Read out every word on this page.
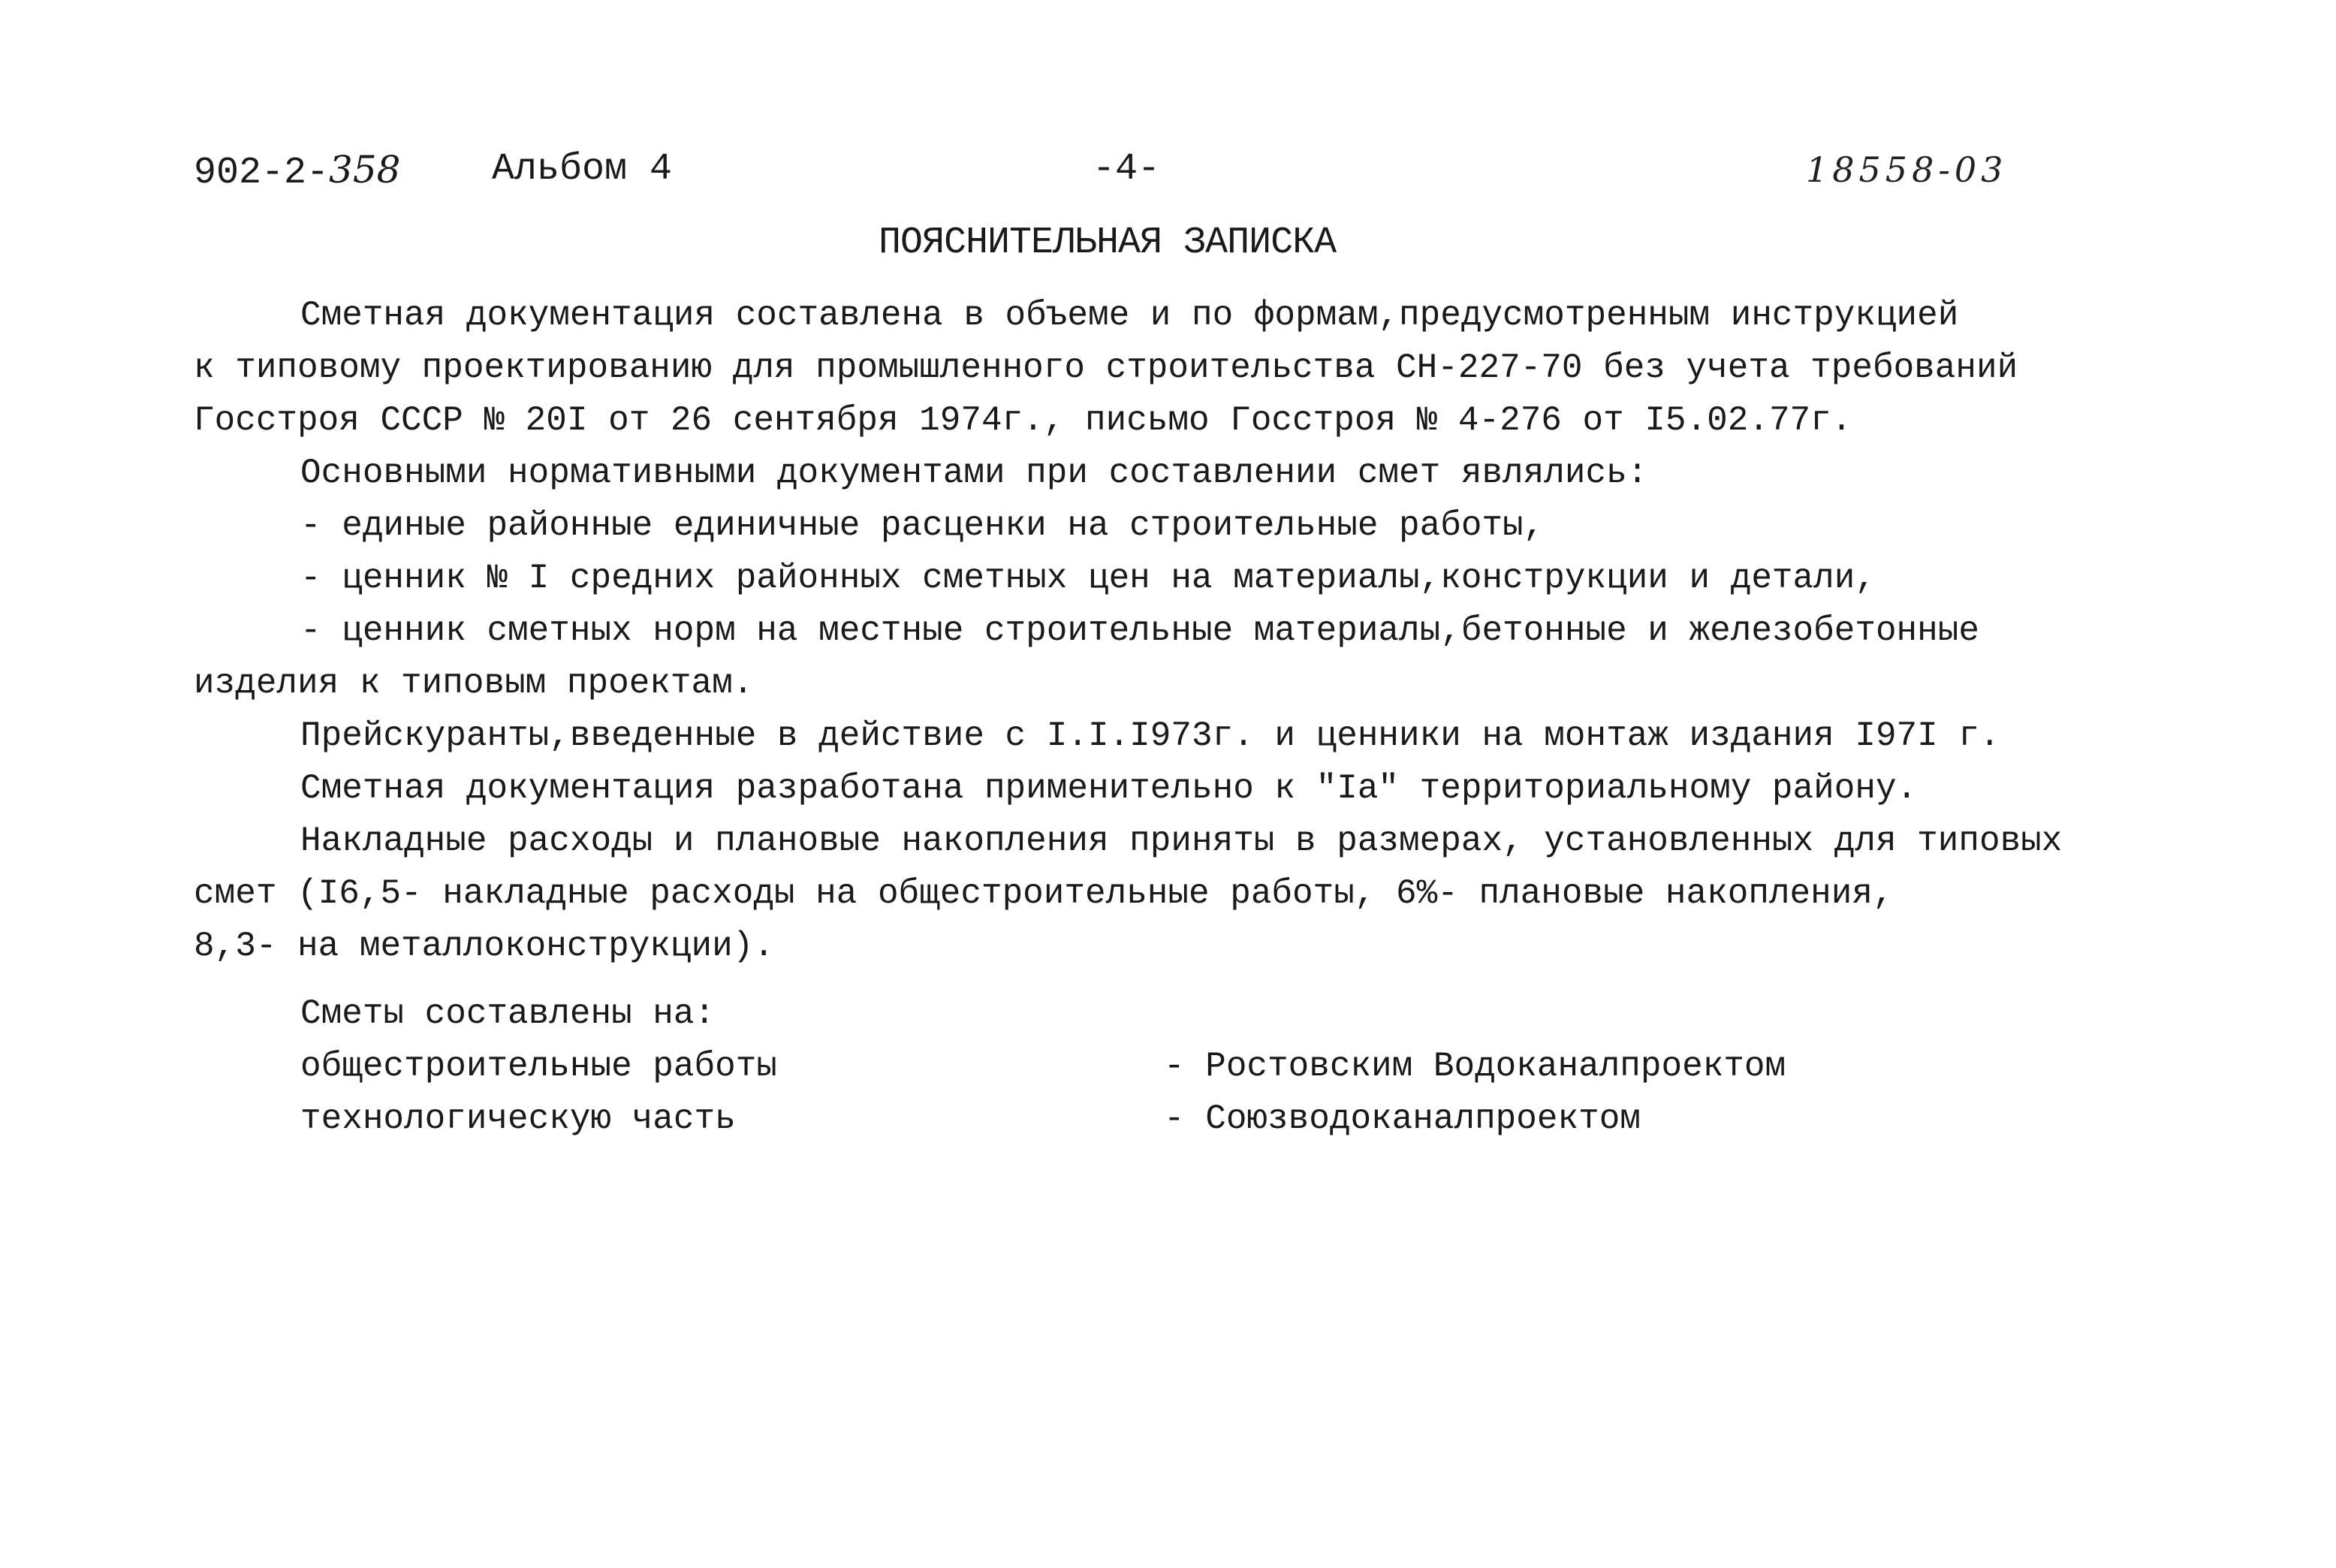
902-2-358 Альбом 4	-4-	18558-03
ПОЯСНИТЕЛЬНАЯ ЗАПИСКА
Сметная документация составлена в объеме и по формам,предусмотренным инструкцией
к типовому проектированию для промышленного строительства СН-227-70 без учета требований
Госстроя СССР № 20I от 26 сентября 1974г., письмо Госстроя № 4-276 от I5.02.77г.
Основными нормативными документами при составлении смет являлись:
- единые районные единичные расценки на строительные работы,
- ценник № I средних районных сметных цен на материалы,конструкции и детали,
- ценник сметных норм на местные строительные материалы,бетонные и железобетонные
изделия к типовым проектам.
Прейскуранты,введенные в действие с I.I.I973г. и ценники на монтаж издания I97I г.
Сметная документация разработана применительно к "Iа" территориальному району.
Накладные расходы и плановые накопления приняты в размерах, установленных для типовых
смет (I6,5- накладные расходы на общестроительные работы, 6%- плановые накопления,
8,3- на металлоконструкции).
Сметы составлены на:
общестроительные работы	- Ростовским Водоканалпроектом
технологическую часть	- Союзводоканалпроектом
